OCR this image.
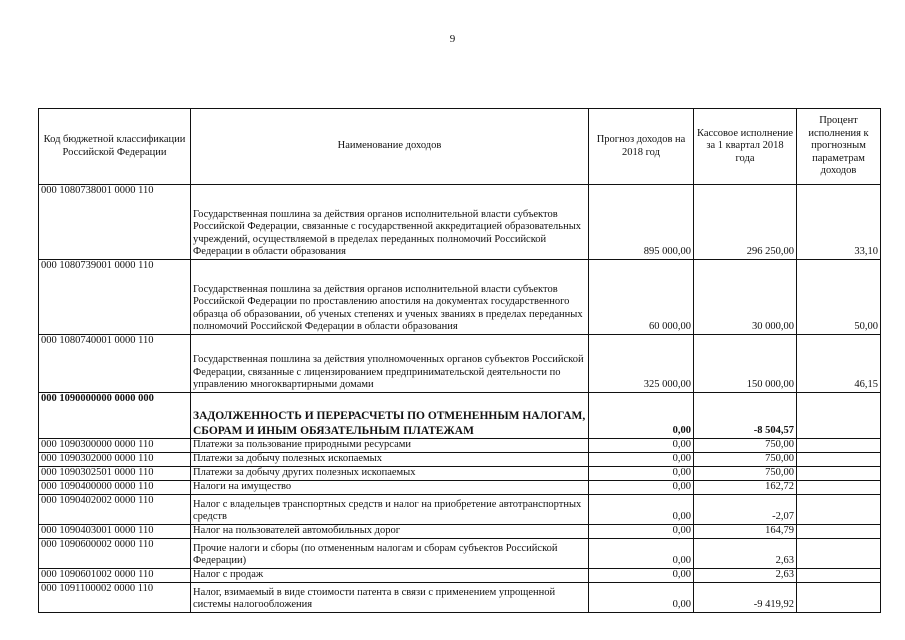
9
Код бюджетной классификации Российской Федерации	Наименование доходов	Прогноз доходов на 2018 год	Кассовое исполнение за 1 квартал 2018 года	Процент исполнения к прогнозным параметрам доходов
000 1080738001 0000 110	Государственная пошлина за действия органов исполнительной власти субъектов Российской Федерации, связанные с государственной аккредитацией образовательных учреждений, осуществляемой в пределах переданных полномочий Российской Федерации в области образования	895 000,00	296 250,00	33,10
000 1080739001 0000 110	Государственная пошлина за действия органов исполнительной власти субъектов Российской Федерации по проставлению апостиля на документах государственного образца об образовании, об ученых степенях и ученых званиях в пределах переданных полномочий Российской Федерации в области образования	60 000,00	30 000,00	50,00
000 1080740001 0000 110	Государственная пошлина за действия уполномоченных органов субъектов Российской Федерации, связанные с лицензированием предпринимательской деятельности по управлению многоквартирными домами	325 000,00	150 000,00	46,15
000 1090000000 0000 000	ЗАДОЛЖЕННОСТЬ И ПЕРЕРАСЧЕТЫ ПО ОТМЕНЕННЫМ НАЛОГАМ, СБОРАМ И ИНЫМ ОБЯЗАТЕЛЬНЫМ ПЛАТЕЖАМ	0,00	-8 504,57	
000 1090300000 0000 110	Платежи за пользование природными ресурсами	0,00	750,00	
000 1090302000 0000 110	Платежи за добычу полезных ископаемых	0,00	750,00	
000 1090302501 0000 110	Платежи за добычу других полезных ископаемых	0,00	750,00	
000 1090400000 0000 110	Налоги на имущество	0,00	162,72	
000 1090402002 0000 110	Налог с владельцев транспортных средств и налог на приобретение автотранспортных средств	0,00	-2,07	
000 1090403001 0000 110	Налог на пользователей автомобильных дорог	0,00	164,79	
000 1090600002 0000 110	Прочие налоги и сборы (по отмененным налогам и сборам субъектов Российской Федерации)	0,00	2,63	
000 1090601002 0000 110	Налог с продаж	0,00	2,63	
000 1091100002 0000 110	Налог, взимаемый в виде стоимости патента в связи с применением упрощенной системы налогообложения	0,00	-9 419,92	
